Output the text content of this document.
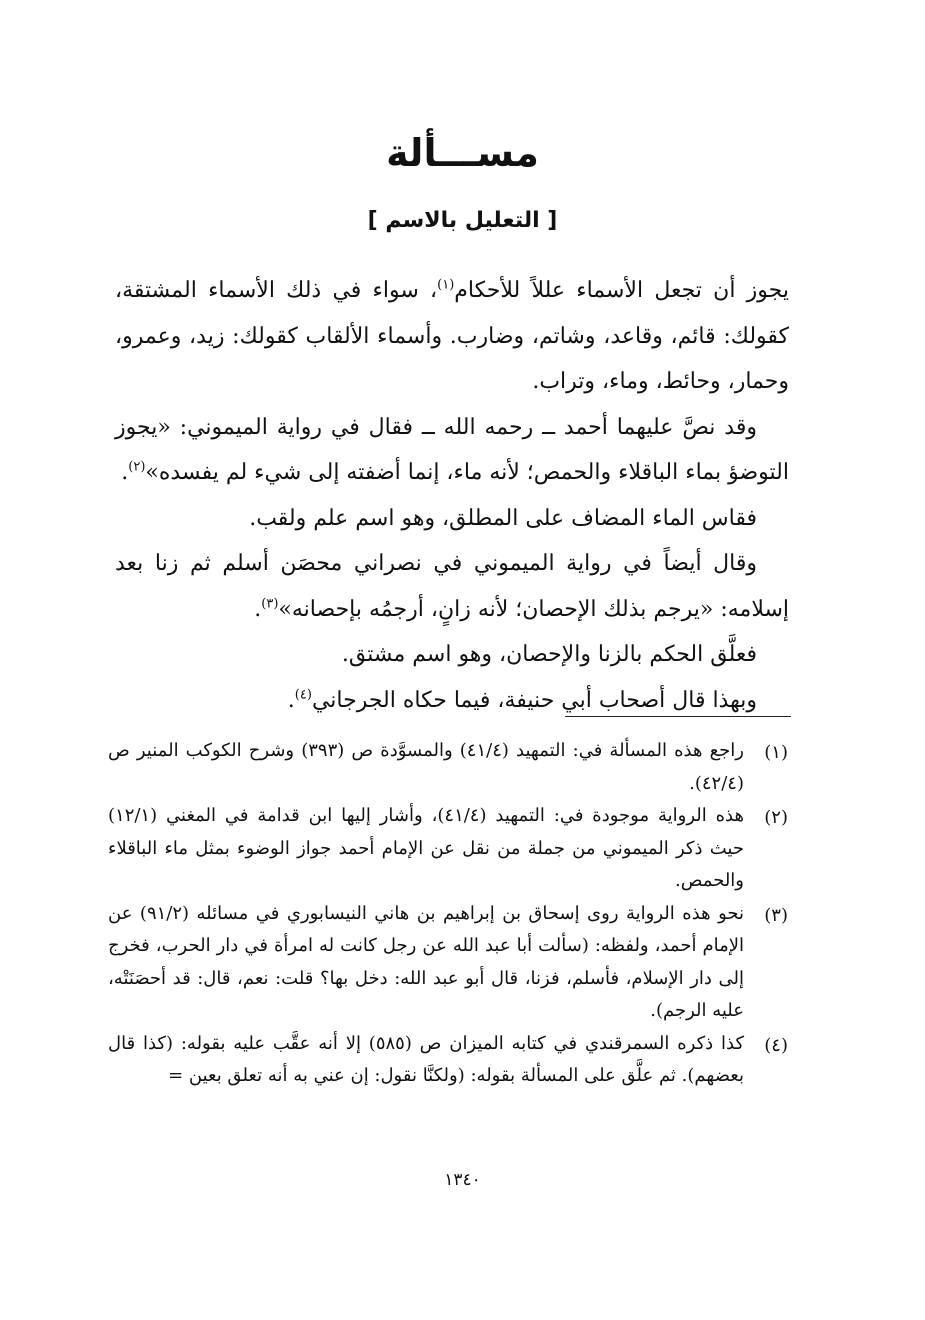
مســـألة
[ التعليل بالاسم ]

يجوز أن تجعل الأسماء عللاً للأحكام$^{(١)}$، سواء في ذلك الأسماء المشتقة، كقولك: قائم، وقاعد، وشاتم، وضارب. وأسماء الألقاب كقولك: زيد، وعمرو، وحمار، وحائط، وماء، وتراب.

وقد نصَّ عليهما أحمد ــ رحمه الله ــ فقال في رواية الميموني: «يجوز التوضؤ بماء الباقلاء والحمص؛ لأنه ماء، إنما أضفته إلى شيء لم يفسده»$^{(٢)}$.

فقاس الماء المضاف على المطلق، وهو اسم علم ولقب.

وقال أيضاً في رواية الميموني في نصراني محصَن أسلم ثم زنا بعد إسلامه: «يرجم بذلك الإحصان؛ لأنه زانٍ، أرجمُه بإحصانه»$^{(٣)}$.

فعلَّق الحكم بالزنا والإحصان، وهو اسم مشتق.

وبهذا قال أصحاب أبي حنيفة، فيما حكاه الجرجاني$^{(٤)}$.

(١)
راجع هذه المسألة في: التمهيد (٤١/٤) والمسوَّدة ص (٣٩٣) وشرح الكوكب المنير ص (٤٢/٤).
(٢)
هذه الرواية موجودة في: التمهيد (٤١/٤)، وأشار إليها ابن قدامة في المغني (١٢/١) حيث ذكر الميموني من جملة من نقل عن الإمام أحمد جواز الوضوء بمثل ماء الباقلاء والحمص.
(٣)
نحو هذه الرواية روى إسحاق بن إبراهيم بن هاني النيسابوري في مسائله (٩١/٢) عن الإمام أحمد، ولفظه: (سألت أبا عبد الله عن رجل كانت له امرأة في دار الحرب، فخرج إلى دار الإسلام، فأسلم، فزنا، قال أبو عبد الله: دخل بها؟ قلت: نعم، قال: قد أحصَنَتْه، عليه الرجم).
(٤)
كذا ذكره السمرقندي في كتابه الميزان ص (٥٨٥) إلا أنه عقَّب عليه بقوله: (كذا قال بعضهم). ثم علَّق على المسألة بقوله: (ولكنَّا نقول: إن عني به أنه تعلق بعين =
١٣٤٠
